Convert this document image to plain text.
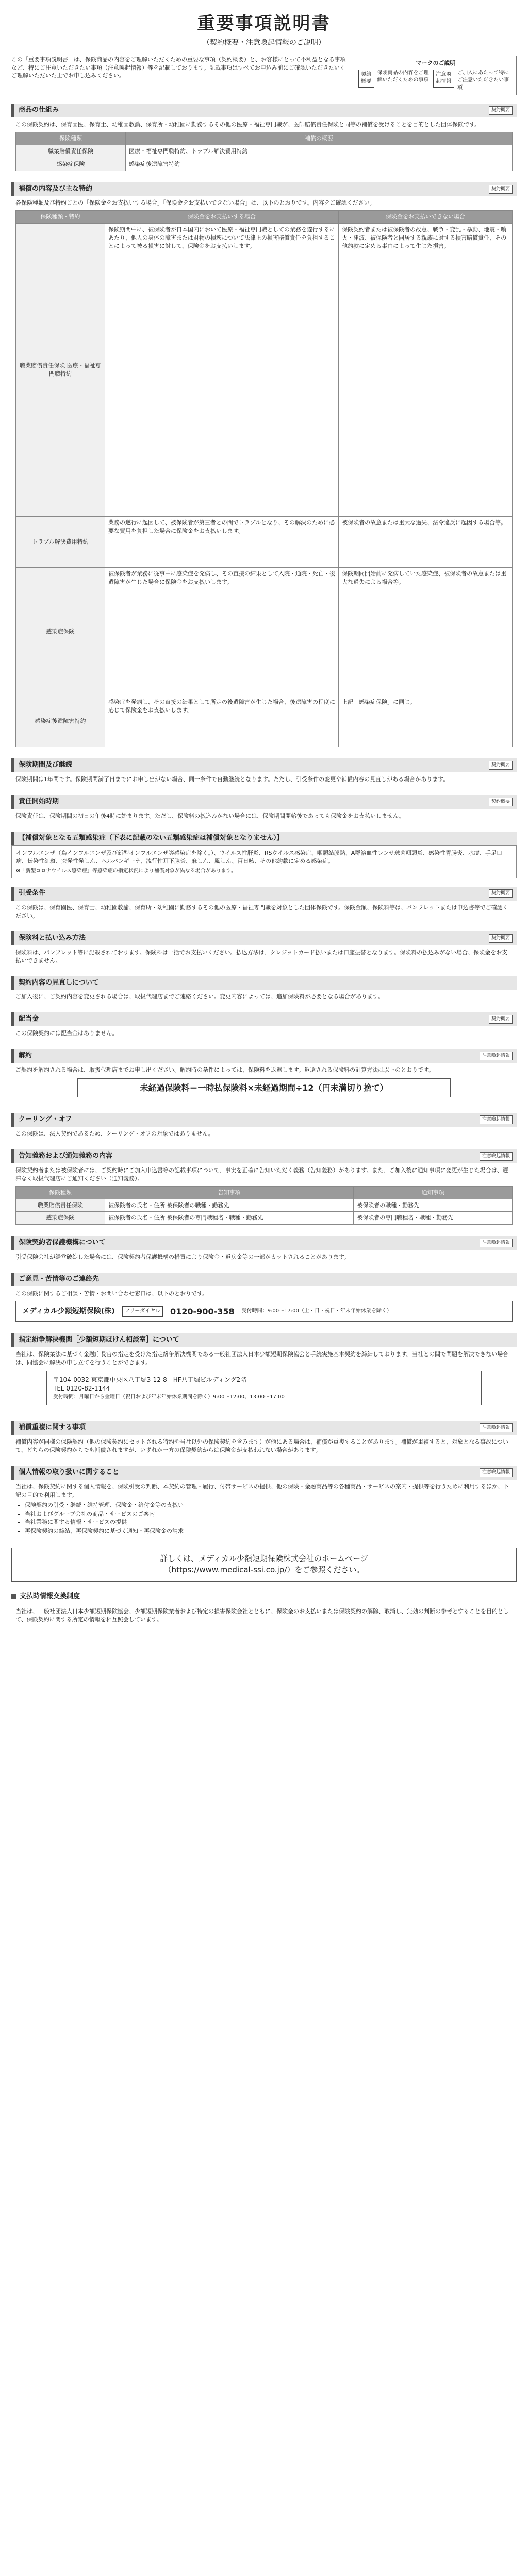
重要事項説明書
（契約概要・注意喚起情報のご説明）
この「重要事項説明書」は、保険商品の内容をご理解いただくための重要な事項（契約概要）と、お客様にとって不利益となる事項など、特にご注意いただきたい事項（注意喚起情報）等を記載しております。記載事項はすべてお申込み前にご確認いただきたいくご理解いただいた上でお申し込みください。
マークのご説明
契約概要
保険商品の内容をご理解いただくための事項
注意喚起情報
ご加入にあたって特にご注意いただきたい事項
商品の仕組み	契約概要
この保険契約は、保育園医、保育士、幼稚園教諭、保育所・幼稚園に勤務するその他の医療・福祉専門職が、医師賠償責任保険と同等の補償を受けることを目的とした団体保険です。
保険種類	補償の概要
職業賠償責任保険	医療・福祉専門職特約、トラブル解決費用特約
感染症保険	感染症後遺障害特約
補償の内容及び主な特約	契約概要
各保険種類及び特約ごとの「保険金をお支払いする場合」「保険金をお支払いできない場合」は、以下のとおりです。内容をご確認ください。
保険種類・特約	保険金をお支払いする場合	保険金をお支払いできない場合
職業賠償責任保険 医療・福祉専門職特約	保険期間中に、被保険者が日本国内において医療・福祉専門職としての業務を遂行するにあたり、他人の身体の障害または財物の損壊について法律上の損害賠償責任を負担することによって被る損害に対して、保険金をお支払いします。	保険契約者または被保険者の故意、戦争・変乱・暴動、地震・噴火・津波、被保険者と同居する親族に対する損害賠償責任、その他約款に定める事由によって生じた損害。
トラブル解決費用特約	業務の遂行に起因して、被保険者が第三者との間でトラブルとなり、その解決のために必要な費用を負担した場合に保険金をお支払いします。	被保険者の故意または重大な過失、法令違反に起因する場合等。
感染症保険	被保険者が業務に従事中に感染症を発病し、その直接の結果として入院・通院・死亡・後遺障害が生じた場合に保険金をお支払いします。	保険期間開始前に発病していた感染症、被保険者の故意または重大な過失による場合等。
感染症後遺障害特約	感染症を発病し、その直接の結果として所定の後遺障害が生じた場合、後遺障害の程度に応じて保険金をお支払いします。	上記「感染症保険」に同じ。
保険期間及び継続	契約概要
保険期間は1年間です。保険期間満了日までにお申し出がない場合、同一条件で自動継続となります。ただし、引受条件の変更や補償内容の見直しがある場合があります。
責任開始時期	契約概要
保険責任は、保険期間の初日の午後4時に始まります。ただし、保険料の払込みがない場合には、保険期間開始後であっても保険金をお支払いしません。
【補償対象となる五類感染症（下表に記載のない五類感染症は補償対象となりません）】
インフルエンザ（鳥インフルエンザ及び新型インフルエンザ等感染症を除く。）、ウイルス性肝炎、RSウイルス感染症、咽頭結膜熱、A群溶血性レンサ球菌咽頭炎、感染性胃腸炎、水痘、手足口病、伝染性紅斑、突発性発しん、ヘルパンギーナ、流行性耳下腺炎、麻しん、風しん、百日咳、その他約款に定める感染症。
※「新型コロナウイルス感染症」等感染症の指定状況により補償対象が異なる場合があります。
引受条件	契約概要
この保険は、保育園医、保育士、幼稚園教諭、保育所・幼稚園に勤務するその他の医療・福祉専門職を対象とした団体保険です。保険金額、保険料等は、パンフレットまたは申込書等でご確認ください。
保険料と払い込み方法	契約概要
保険料は、パンフレット等に記載されております。保険料は一括でお支払いください。払込方法は、クレジットカード払いまたは口座振替となります。保険料の払込みがない場合、保険金をお支払いできません。
契約内容の見直しについて
ご加入後に、ご契約内容を変更される場合は、取扱代理店までご連絡ください。変更内容によっては、追加保険料が必要となる場合があります。
配当金	契約概要
この保険契約には配当金はありません。
解約	注意喚起情報
ご契約を解約される場合は、取扱代理店までお申し出ください。解約時の条件によっては、保険料を返還します。返還される保険料の計算方法は以下のとおりです。
未経過保険料＝一時払保険料×未経過期間÷12（円未満切り捨て）
クーリング・オフ	注意喚起情報
この保険は、法人契約であるため、クーリング・オフの対象ではありません。
告知義務および通知義務の内容	注意喚起情報
保険契約者または被保険者には、ご契約時にご加入申込書等の記載事項について、事実を正確に告知いただく義務（告知義務）があります。また、ご加入後に通知事項に変更が生じた場合は、遅滞なく取扱代理店にご通知ください（通知義務）。
保険種類	告知事項	通知事項
職業賠償責任保険	被保険者の氏名・住所 被保険者の職種・勤務先	被保険者の職種・勤務先
感染症保険	被保険者の氏名・住所 被保険者の専門職種名・職種・勤務先	被保険者の専門職種名・職種・勤務先
保険契約者保護機構について	注意喚起情報
引受保険会社が経営破綻した場合には、保険契約者保護機構の措置により保険金・返戻金等の一部がカットされることがあります。
ご意見・苦情等のご連絡先
この保険に関するご相談・苦情・お問い合わせ窓口は、以下のとおりです。
メディカル少額短期保険(株)	フリーダイヤル	0120-900-358 受付時間：9:00〜17:00（土・日・祝日・年末年始休業を除く）
指定紛争解決機関［少額短期ほけん相談室］について
当社は、保険業法に基づく金融庁長官の指定を受けた指定紛争解決機関である一般社団法人日本少額短期保険協会と手続実施基本契約を締結しております。当社との間で問題を解決できない場合は、同協会に解決の申し立てを行うことができます。
〒104-0032 東京都中央区八丁堀3-12-8　HF八丁堀ビルディング2階
TEL 0120-82-1144
受付時間：月曜日から金曜日（祝日および年末年始休業期間を除く）9:00〜12:00、13:00〜17:00
補償重複に関する事項	注意喚起情報
補償内容が同様の保険契約（他の保険契約にセットされる特約や当社以外の保険契約を含みます）が他にある場合は、補償が重複することがあります。補償が重複すると、対象となる事故について、どちらの保険契約からでも補償されますが、いずれか一方の保険契約からは保険金が支払われない場合があります。
個人情報の取り扱いに関すること	注意喚起情報
当社は、保険契約に関する個人情報を、保険引受の判断、本契約の管理・履行、付帯サービスの提供、他の保険・金融商品等の各種商品・サービスの案内・提供等を行うために利用するほか、下記の目的で利用します。
• 保険契約の引受・継続・維持管理、保険金・給付金等の支払い
• 当社およびグループ会社の商品・サービスのご案内
• 当社業務に関する情報・サービスの提供
• 再保険契約の締結、再保険契約に基づく通知・再保険金の請求
詳しくは、メディカル少額短期保険株式会社のホームページ
（https://www.medical-ssi.co.jp/）をご参照ください。
支払時情報交換制度
当社は、一般社団法人日本少額短期保険協会、少額短期保険業者および特定の損害保険会社とともに、保険金のお支払いまたは保険契約の解除、取消し、無効の判断の参考とすることを目的として、保険契約に関する所定の情報を相互照会しています。
